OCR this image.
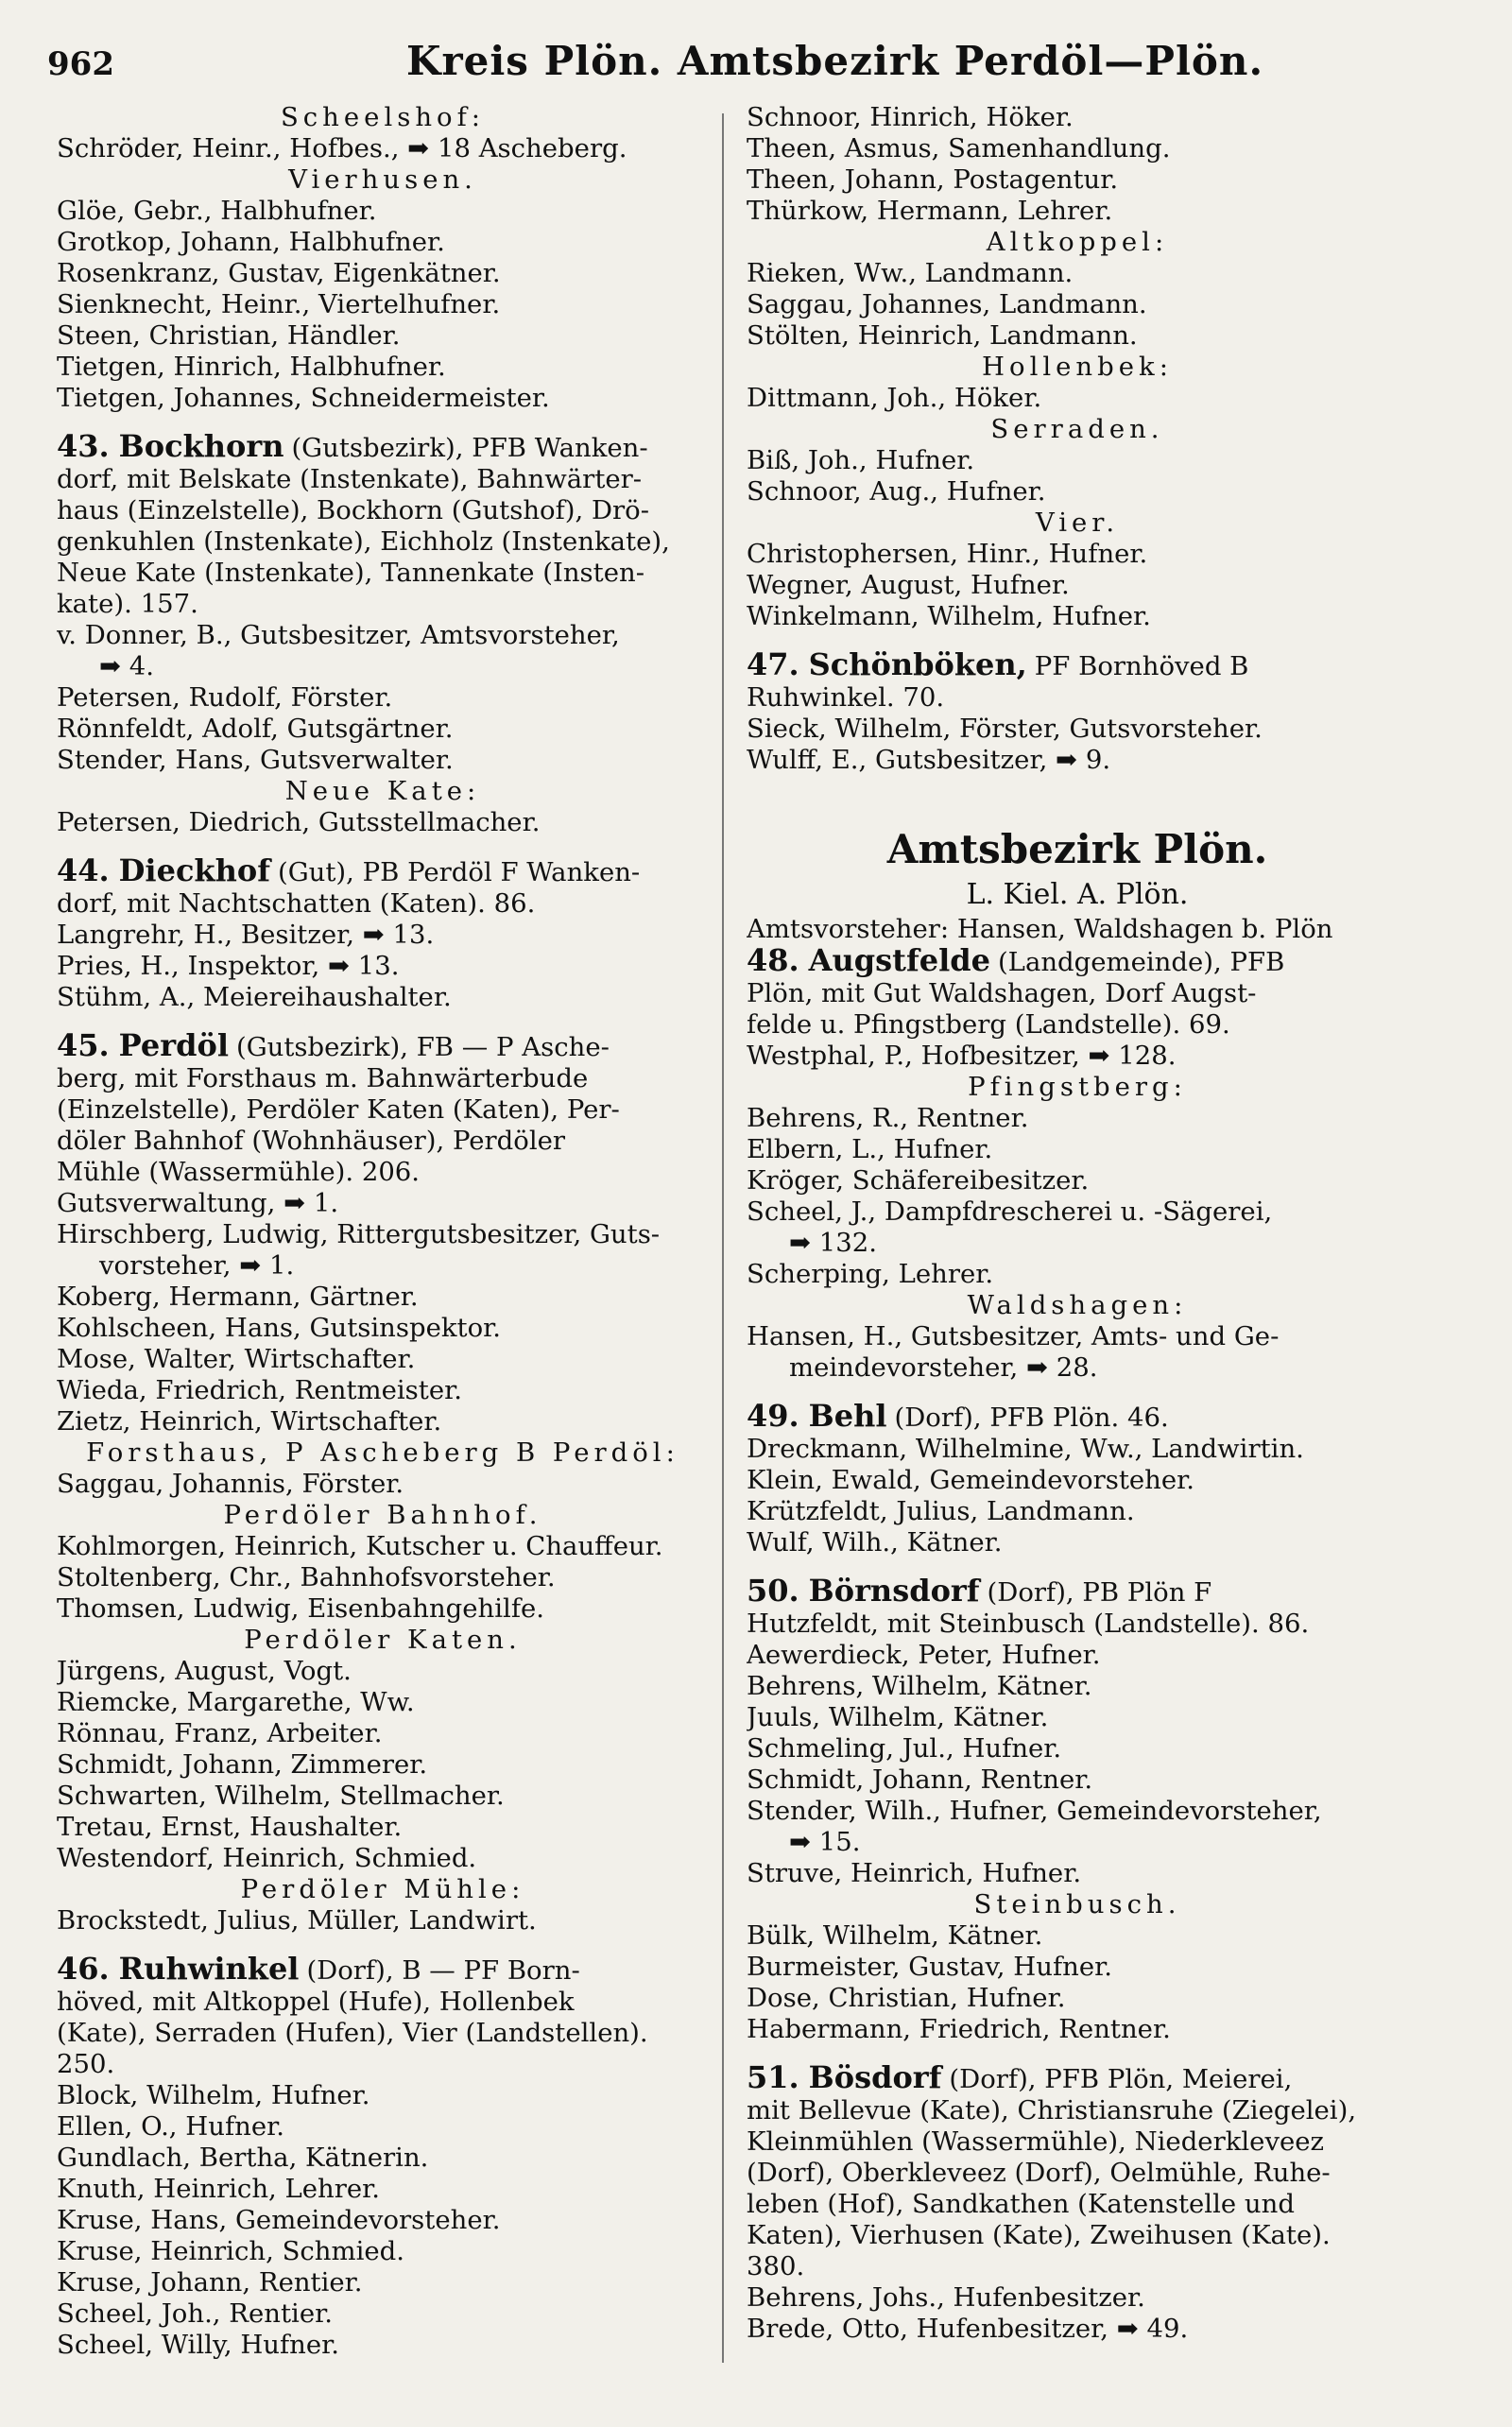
962	Kreis Plön. Amtsbezirk Perdöl—Plön.
Scheelshof:
Schröder, Heinr., Hofbes., ➡ 18 Ascheberg.
Vierhusen.
Glöe, Gebr., Halbhufner.
Grotkop, Johann, Halbhufner.
Rosenkranz, Gustav, Eigenkätner.
Sienknecht, Heinr., Viertelhufner.
Steen, Christian, Händler.
Tietgen, Hinrich, Halbhufner.
Tietgen, Johannes, Schneidermeister.
43. Bockhorn (Gutsbezirk), PFB Wanken-
dorf, mit Belskate (Instenkate), Bahnwärter-
haus (Einzelstelle), Bockhorn (Gutshof), Drö-
genkuhlen (Instenkate), Eichholz (Instenkate),
Neue Kate (Instenkate), Tannenkate (Insten-
kate). 157.
v. Donner, B., Gutsbesitzer, Amtsvorsteher,
➡ 4.
Petersen, Rudolf, Förster.
Rönnfeldt, Adolf, Gutsgärtner.
Stender, Hans, Gutsverwalter.
Neue Kate:
Petersen, Diedrich, Gutsstellmacher.
44. Dieckhof (Gut), PB Perdöl F Wanken-
dorf, mit Nachtschatten (Katen). 86.
Langrehr, H., Besitzer, ➡ 13.
Pries, H., Inspektor, ➡ 13.
Stühm, A., Meiereihaushalter.
45. Perdöl (Gutsbezirk), FB — P Asche-
berg, mit Forsthaus m. Bahnwärterbude
(Einzelstelle), Perdöler Katen (Katen), Per-
döler Bahnhof (Wohnhäuser), Perdöler
Mühle (Wassermühle). 206.
Gutsverwaltung, ➡ 1.
Hirschberg, Ludwig, Rittergutsbesitzer, Guts-
vorsteher, ➡ 1.
Koberg, Hermann, Gärtner.
Kohlscheen, Hans, Gutsinspektor.
Mose, Walter, Wirtschafter.
Wieda, Friedrich, Rentmeister.
Zietz, Heinrich, Wirtschafter.
Forsthaus, P Ascheberg B Perdöl:
Saggau, Johannis, Förster.
Perdöler Bahnhof.
Kohlmorgen, Heinrich, Kutscher u. Chauffeur.
Stoltenberg, Chr., Bahnhofsvorsteher.
Thomsen, Ludwig, Eisenbahngehilfe.
Perdöler Katen.
Jürgens, August, Vogt.
Riemcke, Margarethe, Ww.
Rönnau, Franz, Arbeiter.
Schmidt, Johann, Zimmerer.
Schwarten, Wilhelm, Stellmacher.
Tretau, Ernst, Haushalter.
Westendorf, Heinrich, Schmied.
Perdöler Mühle:
Brockstedt, Julius, Müller, Landwirt.
46. Ruhwinkel (Dorf), B — PF Born-
höved, mit Altkoppel (Hufe), Hollenbek
(Kate), Serraden (Hufen), Vier (Landstellen).
250.
Block, Wilhelm, Hufner.
Ellen, O., Hufner.
Gundlach, Bertha, Kätnerin.
Knuth, Heinrich, Lehrer.
Kruse, Hans, Gemeindevorsteher.
Kruse, Heinrich, Schmied.
Kruse, Johann, Rentier.
Scheel, Joh., Rentier.
Scheel, Willy, Hufner.
Schnoor, Hinrich, Höker.
Theen, Asmus, Samenhandlung.
Theen, Johann, Postagentur.
Thürkow, Hermann, Lehrer.
Altkoppel:
Rieken, Ww., Landmann.
Saggau, Johannes, Landmann.
Stölten, Heinrich, Landmann.
Hollenbek:
Dittmann, Joh., Höker.
Serraden.
Biß, Joh., Hufner.
Schnoor, Aug., Hufner.
Vier.
Christophersen, Hinr., Hufner.
Wegner, August, Hufner.
Winkelmann, Wilhelm, Hufner.
47. Schönböken, PF Bornhöved B
Ruhwinkel. 70.
Sieck, Wilhelm, Förster, Gutsvorsteher.
Wulff, E., Gutsbesitzer, ➡ 9.
Amtsbezirk Plön.
L. Kiel. A. Plön.
Amtsvorsteher: Hansen, Waldshagen b. Plön
48. Augstfelde (Landgemeinde), PFB
Plön, mit Gut Waldshagen, Dorf Augst-
felde u. Pfingstberg (Landstelle). 69.
Westphal, P., Hofbesitzer, ➡ 128.
Pfingstberg:
Behrens, R., Rentner.
Elbern, L., Hufner.
Kröger, Schäfereibesitzer.
Scheel, J., Dampfdrescherei u. -Sägerei,
➡ 132.
Scherping, Lehrer.
Waldshagen:
Hansen, H., Gutsbesitzer, Amts- und Ge-
meindevorsteher, ➡ 28.
49. Behl (Dorf), PFB Plön. 46.
Dreckmann, Wilhelmine, Ww., Landwirtin.
Klein, Ewald, Gemeindevorsteher.
Krützfeldt, Julius, Landmann.
Wulf, Wilh., Kätner.
50. Börnsdorf (Dorf), PB Plön F
Hutzfeldt, mit Steinbusch (Landstelle). 86.
Aewerdieck, Peter, Hufner.
Behrens, Wilhelm, Kätner.
Juuls, Wilhelm, Kätner.
Schmeling, Jul., Hufner.
Schmidt, Johann, Rentner.
Stender, Wilh., Hufner, Gemeindevorsteher,
➡ 15.
Struve, Heinrich, Hufner.
Steinbusch.
Bülk, Wilhelm, Kätner.
Burmeister, Gustav, Hufner.
Dose, Christian, Hufner.
Habermann, Friedrich, Rentner.
51. Bösdorf (Dorf), PFB Plön, Meierei,
mit Bellevue (Kate), Christiansruhe (Ziegelei),
Kleinmühlen (Wassermühle), Niederkleveez
(Dorf), Oberkleveez (Dorf), Oelmühle, Ruhe-
leben (Hof), Sandkathen (Katenstelle und
Katen), Vierhusen (Kate), Zweihusen (Kate).
380.
Behrens, Johs., Hufenbesitzer.
Brede, Otto, Hufenbesitzer, ➡ 49.
